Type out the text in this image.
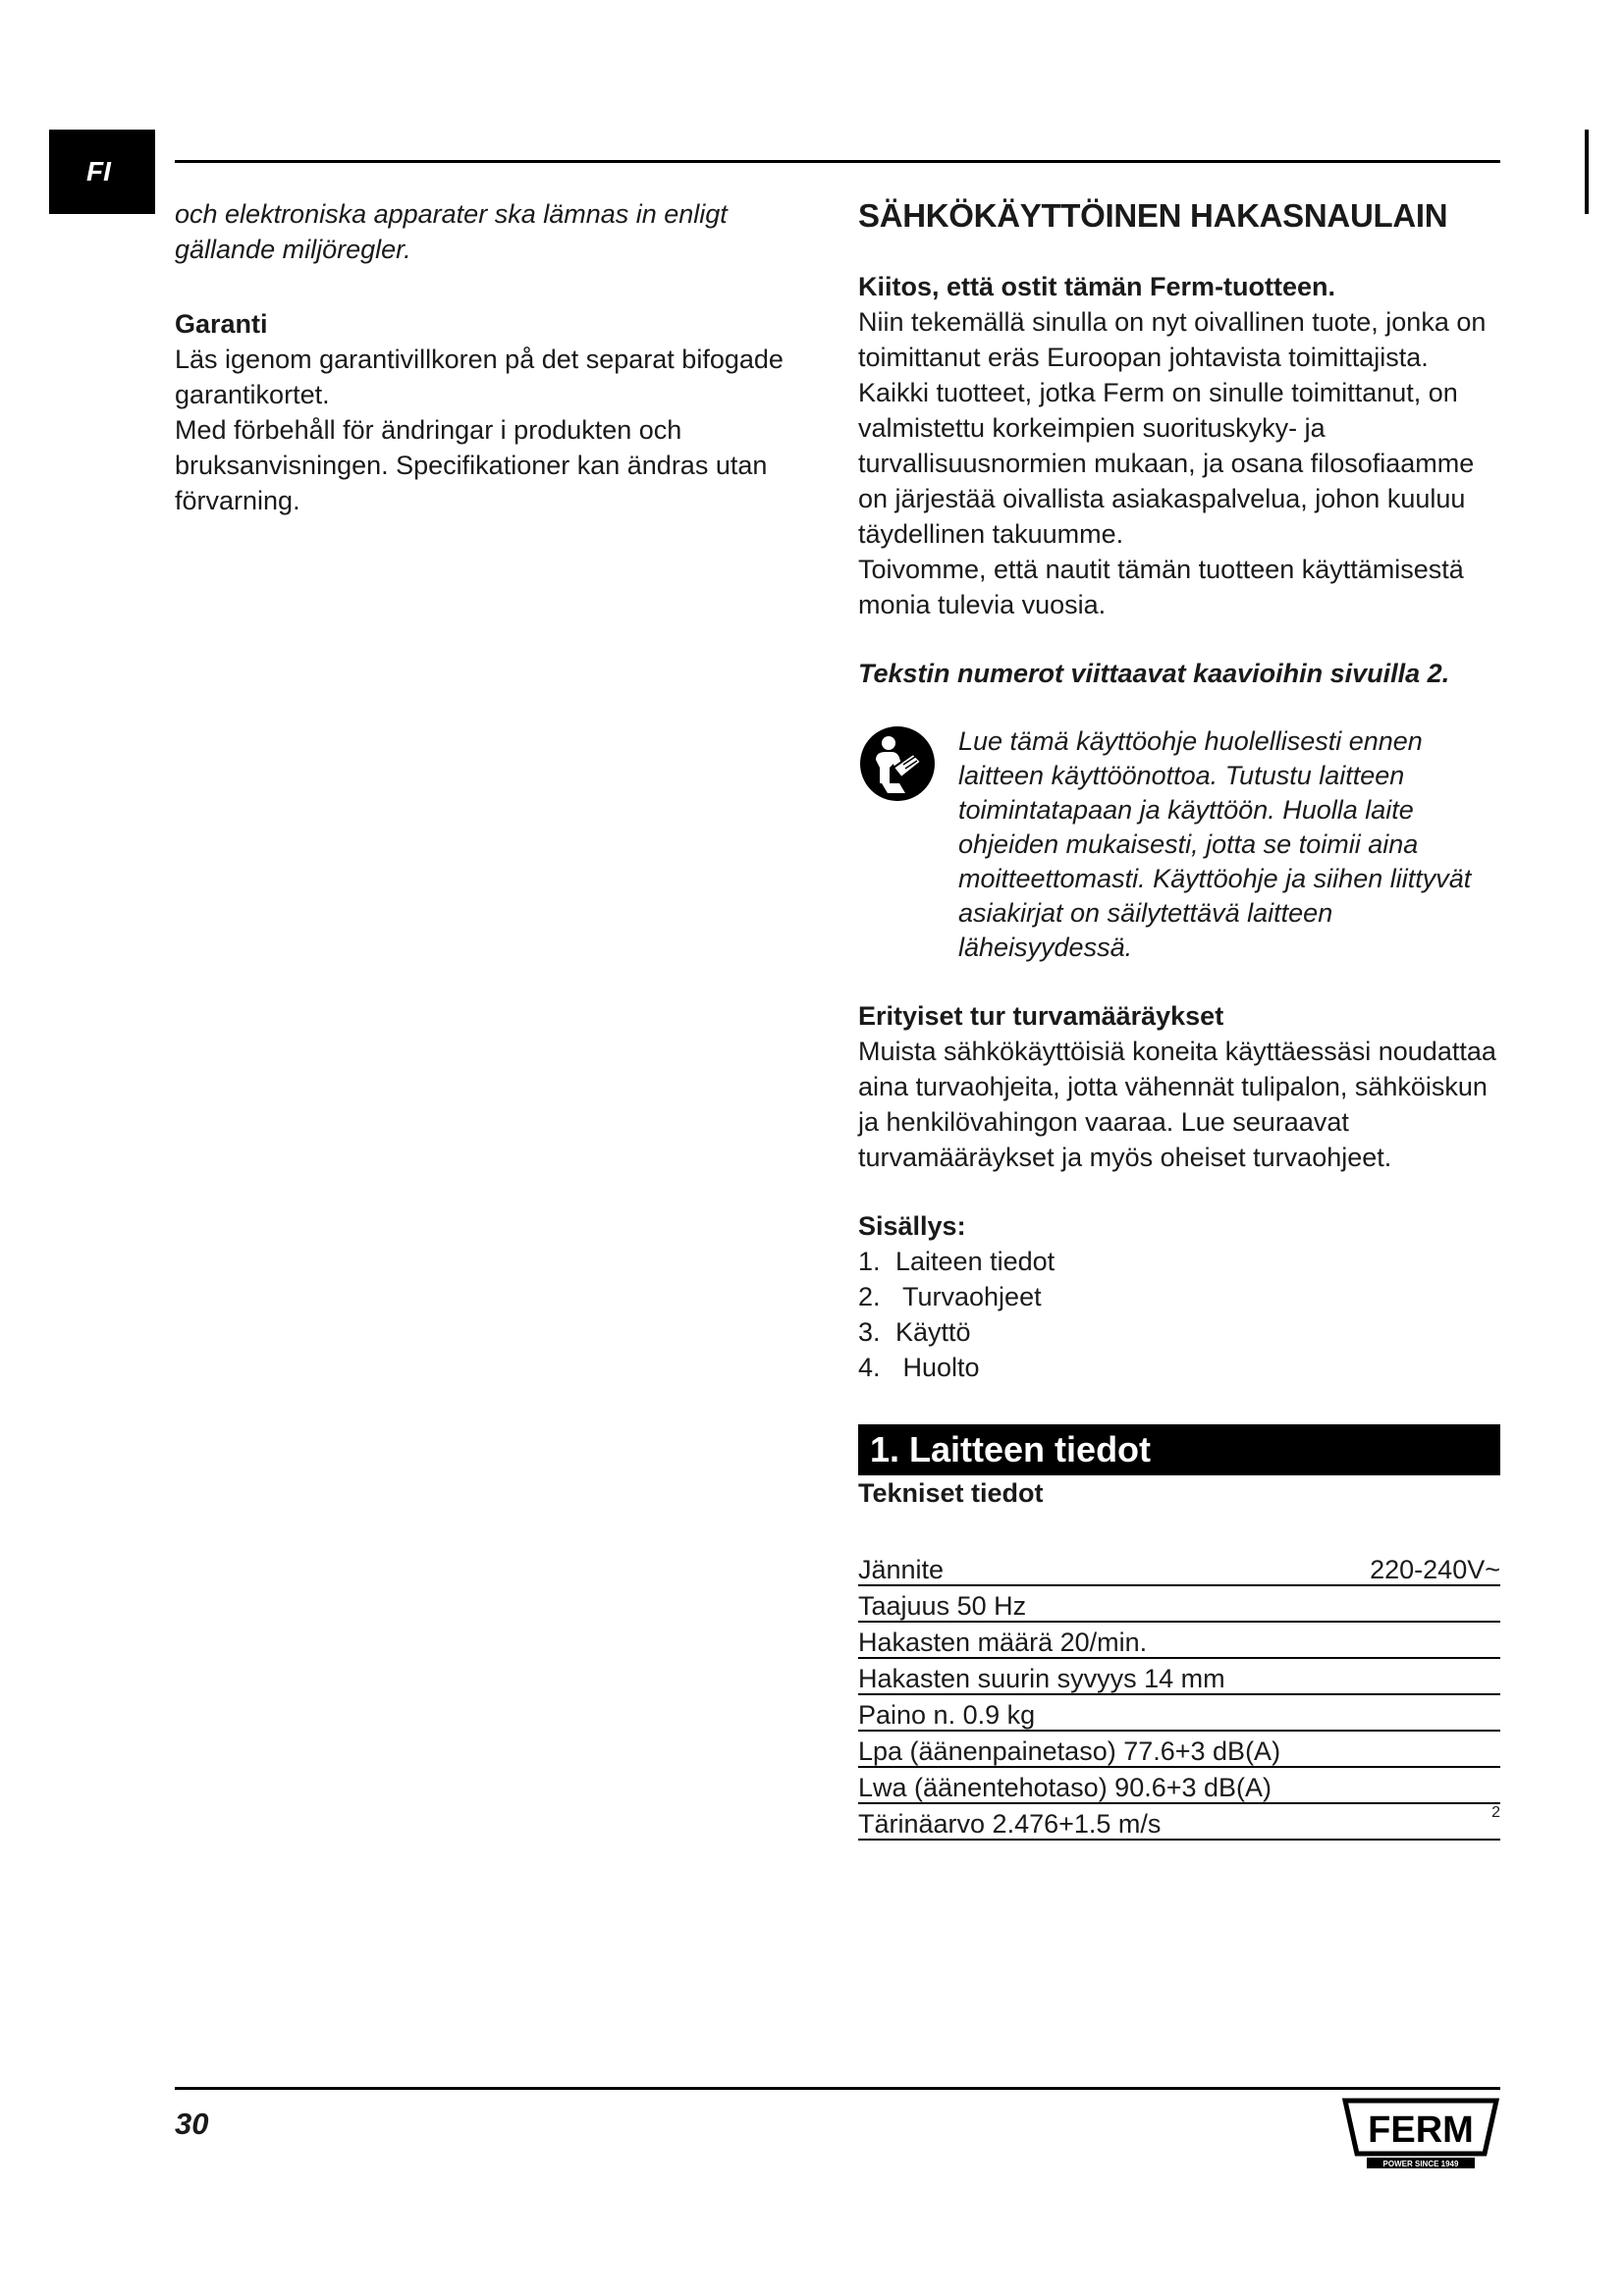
FI

och elektroniska apparater ska lämnas in enligt gällande miljöregler.

Garanti

Läs igenom garantivillkoren på det separat bifogade garantikortet.

Med förbehåll för ändringar i produkten och bruksanvisningen. Specifikationer kan ändras utan förvarning.

SÄHKÖKÄYTTÖINEN HAKASNAULAIN

Kiitos, että ostit tämän Ferm-tuotteen.

Niin tekemällä sinulla on nyt oivallinen tuote, jonka on toimittanut eräs Euroopan johtavista toimittajista.

Kaikki tuotteet, jotka Ferm on sinulle toimittanut, on valmistettu korkeimpien suorituskyky- ja turvallisuusnormien mukaan, ja osana filosofiaamme on järjestää oivallista asiakaspalvelua, johon kuuluu täydellinen takuumme.

Toivomme, että nautit tämän tuotteen käyttämisestä monia tulevia vuosia.

Tekstin numerot viittaavat kaavioihin sivuilla 2.

Lue tämä käyttöohje huolellisesti ennen laitteen käyttöönottoa. Tutustu laitteen toimintatapaan ja käyttöön. Huolla laite ohjeiden mukaisesti, jotta se toimii aina moitteettomasti. Käyttöohje ja siihen liittyvät asiakirjat on säilytettävä laitteen läheisyydessä.

Erityiset tur turvamääräykset

Muista sähkökäyttöisiä koneita käyttäessäsi noudattaa aina turvaohjeita, jotta vähennät tulipalon, sähköiskun ja henkilövahingon vaaraa. Lue seuraavat turvamääräykset ja myös oheiset turvaohjeet.

Sisällys:

1. Laiteen tiedot
2. Turvaohjeet
3. Käyttö
4. Huolto
1. Laitteen tiedot

Tekniset tiedot

Jännite	220-240V~
Taajuus 50 Hz
Hakasten määrä 20/min.
Hakasten suurin syvyys 14 mm
Paino n. 0.9 kg
Lpa (äänenpainetaso) 77.6+3 dB(A)
Lwa (äänentehotaso) 90.6+3 dB(A)
Tärinäarvo 2.476+1.5 m/s	$^2$
30	FERM
POWER SINCE 1949
